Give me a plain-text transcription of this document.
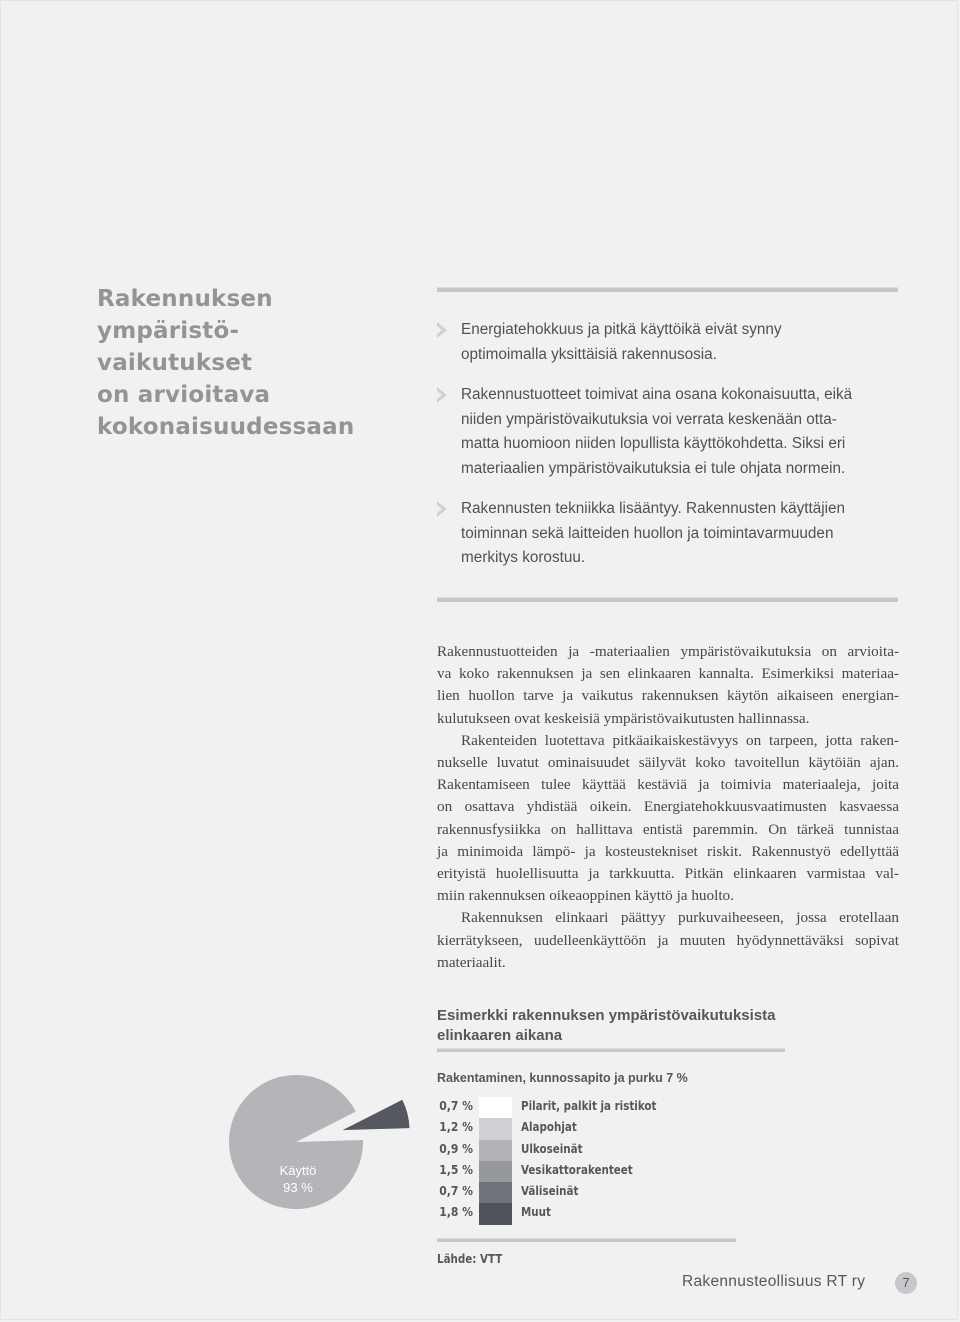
Rakennuksen
ympäristö-
vaikutukset
on arvioitava
kokonaisuudessaan
Energiatehokkuus ja pitkä käyttöikä eivät synny
optimoimalla yksittäisiä rakennusosia.
Rakennustuotteet toimivat aina osana kokonaisuutta, eikä
niiden ympäristövaikutuksia voi verrata keskenään otta-
matta huomioon niiden lopullista käyttökohdetta. Siksi eri
materiaalien ympäristövaikutuksia ei tule ohjata normein.
Rakennusten tekniikka lisääntyy. Rakennusten käyttäjien
toiminnan sekä laitteiden huollon ja toimintavarmuuden
merkitys korostuu.

Rakennustuotteiden ja -materiaalien ympäristövaikutuksia on arvioita-
va koko rakennuksen ja sen elinkaaren kannalta. Esimerkiksi materiaa-
lien huollon tarve ja vaikutus rakennuksen käytön aikaiseen energian-
kulutukseen ovat keskeisiä ympäristövaikutusten hallinnassa.

Rakenteiden luotettava pitkäaikaiskestävyys on tarpeen, jotta raken-
nukselle luvatut ominaisuudet säilyvät koko tavoitellun käytöiän ajan.
Rakentamiseen tulee käyttää kestäviä ja toimivia materiaaleja, joita
on osattava yhdistää oikein. Energiatehokkuusvaatimusten kasvaessa
rakennusfysiikka on hallittava entistä paremmin. On tärkeä tunnistaa
ja minimoida lämpö- ja kosteustekniset riskit. Rakennustyö edellyttää
erityistä huolellisuutta ja tarkkuutta. Pitkän elinkaaren varmistaa val-
miin rakennuksen oikeaoppinen käyttö ja huolto.

Rakennuksen elinkaari päättyy purkuvaiheeseen, jossa erotellaan
kierrätykseen, uudelleenkäyttöön ja muuten hyödynnettäväksi sopivat
materiaalit.

Esimerkki rakennuksen ympäristövaikutuksista
elinkaaren aikana
Rakentaminen, kunnossapito ja purku 7 %
Käyttö
93 %
0,7 %	Pilarit, palkit ja ristikot
1,2 %	Alapohjat
0,9 %	Ulkoseinät
1,5 %	Vesikattorakenteet
0,7 %	Väliseinät
1,8 %	Muut
Lähde: VTT
Rakennusteollisuus RT ry	7
